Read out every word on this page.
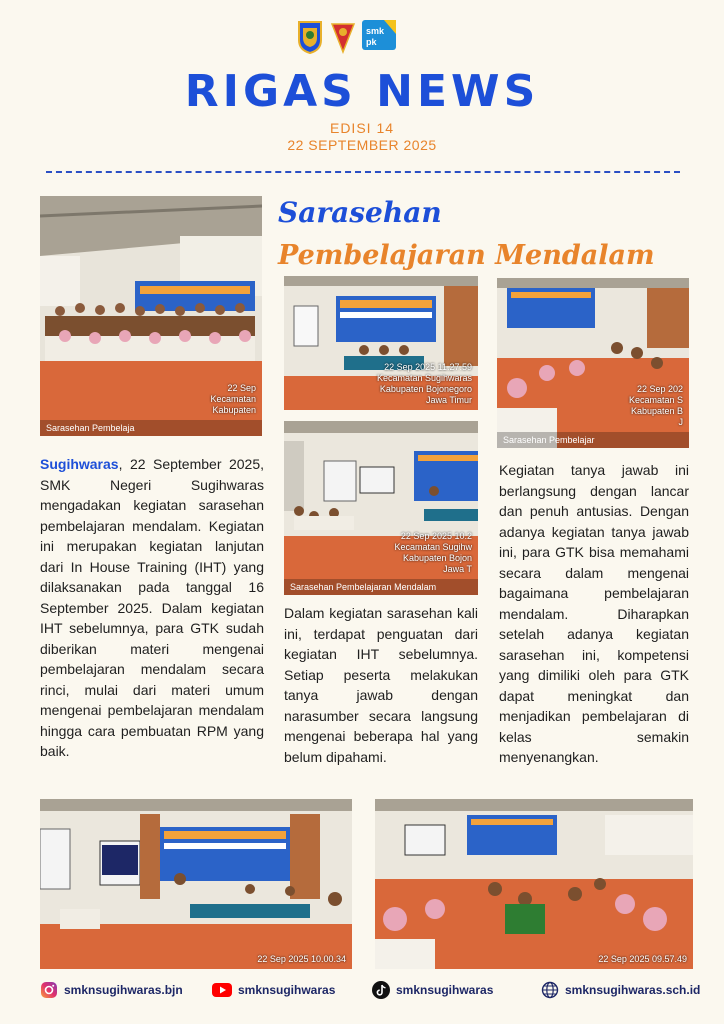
smk
pk
RIGAS NEWS
EDISI 14
22 SEPTEMBER 2025
Sarasehan
Pembelajaran Mendalam
22 Sep
Kecamatan
Kabupaten
Sarasehan Pembelaja
22 Sep 2025 11.27.59
Kecamatan Sugihwaras
Kabupaten Bojonegoro
Jawa Timur
22 Sep 2025 10.2
Kecamatan Sugihw
Kabupaten Bojon
Jawa T
Sarasehan Pembelajaran Mendalam
22 Sep 202
Kecamatan S
Kabupaten B
J
Sarasehan Pembelajar
Sugihwaras, 22 September 2025, SMK Negeri Sugihwaras mengadakan kegiatan sarasehan pembelajaran mendalam. Kegiatan ini merupakan kegiatan lanjutan dari In House Training (IHT) yang dilaksanakan pada tanggal 16 September 2025. Dalam kegiatan IHT sebelumnya, para GTK sudah diberikan materi mengenai pembelajaran mendalam secara rinci, mulai dari materi umum mengenai pembelajaran mendalam hingga cara pembuatan RPM yang baik.
Dalam kegiatan sarasehan kali ini, terdapat penguatan dari kegiatan IHT sebelumnya. Setiap peserta melakukan tanya jawab dengan narasumber secara langsung mengenai beberapa hal yang belum dipahami.
Kegiatan tanya jawab ini berlangsung dengan lancar dan penuh antusias. Dengan adanya kegiatan tanya jawab ini, para GTK bisa memahami secara dalam mengenai bagaimana pembelajaran mendalam. Diharapkan setelah adanya kegiatan sarasehan ini, kompetensi yang dimiliki oleh para GTK dapat meningkat dan menjadikan pembelajaran di kelas semakin menyenangkan.
22 Sep 2025 10.00.34	22 Sep 2025 09.57.49
smknsugihwaras.bjn	smknsugihwaras	smknsugihwaras	smknsugihwaras.sch.id
